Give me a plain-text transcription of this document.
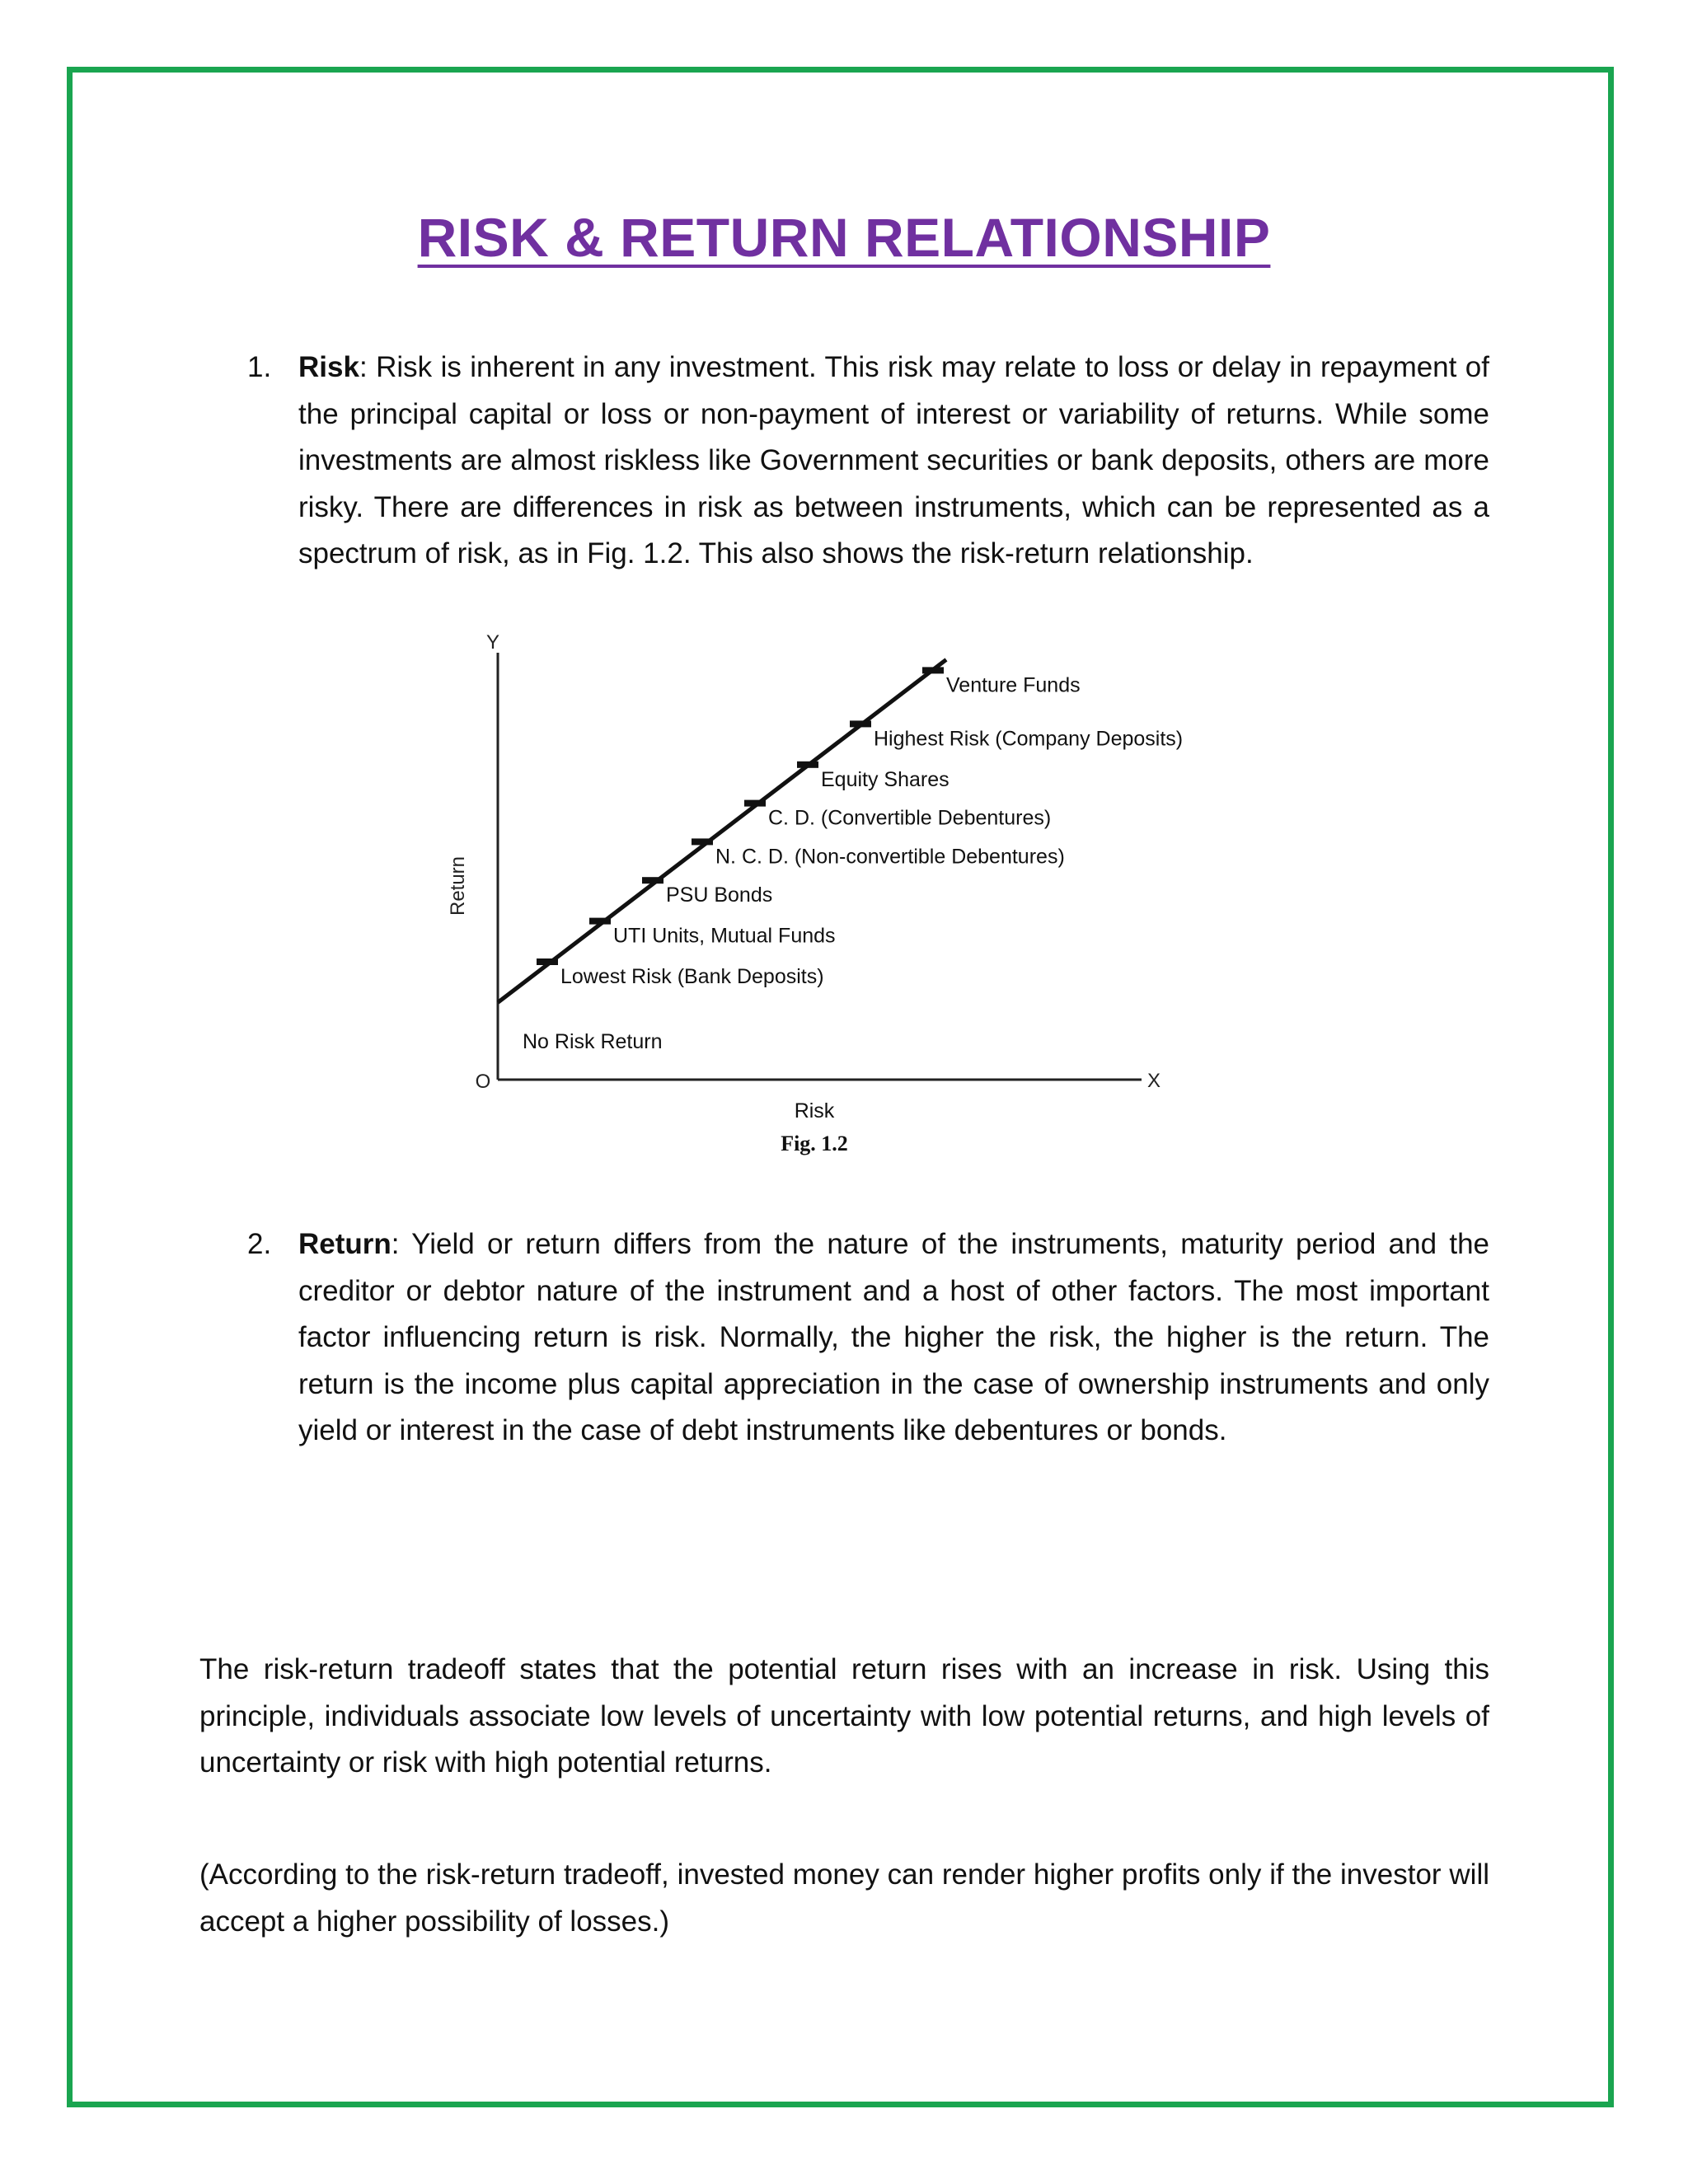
RISK & RETURN RELATIONSHIP

1. Risk: Risk is inherent in any investment. This risk may relate to loss or delay in repayment of the principal capital or loss or non-payment of interest or variability of returns. While some investments are almost riskless like Government securities or bank deposits, others are more risky. There are differences in risk as between instruments, which can be represented as a spectrum of risk, as in Fig. 1.2. This also shows the risk-return relationship.

Y
X
O
Risk
Return
Fig. 1.2
No Risk Return
Lowest Risk (Bank Deposits)
UTI Units, Mutual Funds
PSU Bonds
N. C. D. (Non-convertible Debentures)
C. D. (Convertible Debentures)
Equity Shares
Highest Risk (Company Deposits)
Venture Funds

2. Return: Yield or return differs from the nature of the instruments, maturity period and the creditor or debtor nature of the instrument and a host of other factors. The most important factor influencing return is risk. Normally, the higher the risk, the higher is the return. The return is the income plus capital appreciation in the case of ownership instruments and only yield or interest in the case of debt instruments like debentures or bonds.

The risk-return tradeoff states that the potential return rises with an increase in risk. Using this principle, individuals associate low levels of uncertainty with low potential returns, and high levels of uncertainty or risk with high potential returns.

(According to the risk-return tradeoff, invested money can render higher profits only if the investor will accept a higher possibility of losses.)
